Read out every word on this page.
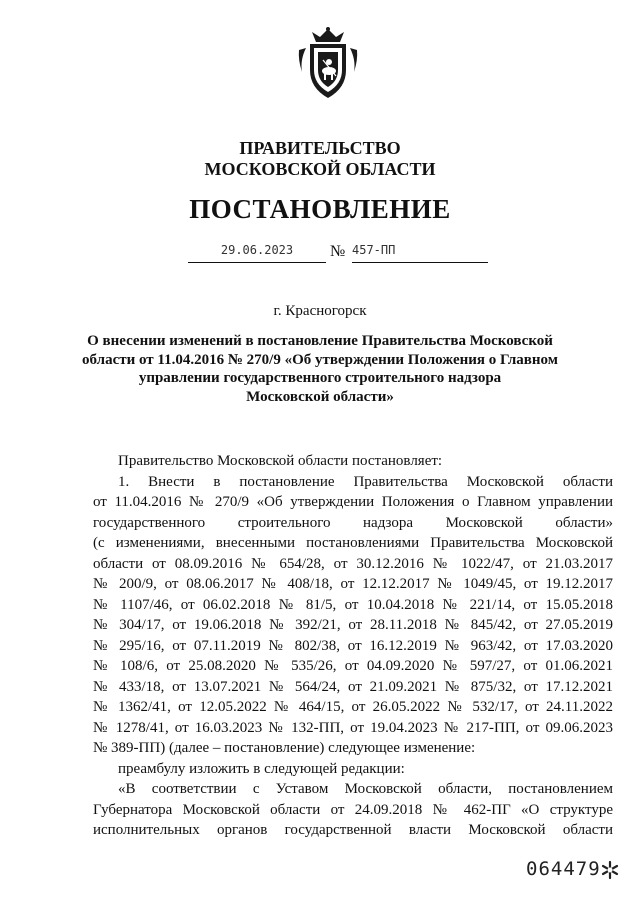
ПРАВИТЕЛЬСТВО
МОСКОВСКОЙ ОБЛАСТИ
ПОСТАНОВЛЕНИЕ
29.06.2023	№ 457-ПП
г. Красногорск
О внесении изменений в постановление Правительства Московской
области от 11.04.2016 № 270/9 «Об утверждении Положения о Главном
управлении государственного строительного надзора
Московской области»

Правительство Московской области постановляет:

1. Внести в постановление Правительства Московской области

от 11.04.2016 № 270/9 «Об утверждении Положения о Главном управлении

государственного строительного надзора Московской области»

(с изменениями, внесенными постановлениями Правительства Московской

области от 08.09.2016 № 654/28, от 30.12.2016 № 1022/47, от 21.03.2017

№ 200/9, от 08.06.2017 № 408/18, от 12.12.2017 № 1049/45, от 19.12.2017

№ 1107/46, от 06.02.2018 № 81/5, от 10.04.2018 № 221/14, от 15.05.2018

№ 304/17, от 19.06.2018 № 392/21, от 28.11.2018 № 845/42, от 27.05.2019

№ 295/16, от 07.11.2019 № 802/38, от 16.12.2019 № 963/42, от 17.03.2020

№ 108/6, от 25.08.2020 № 535/26, от 04.09.2020 № 597/27, от 01.06.2021

№ 433/18, от 13.07.2021 № 564/24, от 21.09.2021 № 875/32, от 17.12.2021

№ 1362/41, от 12.05.2022 № 464/15, от 26.05.2022 № 532/17, от 24.11.2022

№ 1278/41, от 16.03.2023 № 132-ПП, от 19.04.2023 № 217-ПП, от 09.06.2023

№ 389-ПП) (далее – постановление) следующее изменение:

преамбулу изложить в следующей редакции:

«В соответствии с Уставом Московской области, постановлением

Губернатора Московской области от 24.09.2018 № 462-ПГ «О структуре

исполнительных органов государственной власти Московской области

064479
